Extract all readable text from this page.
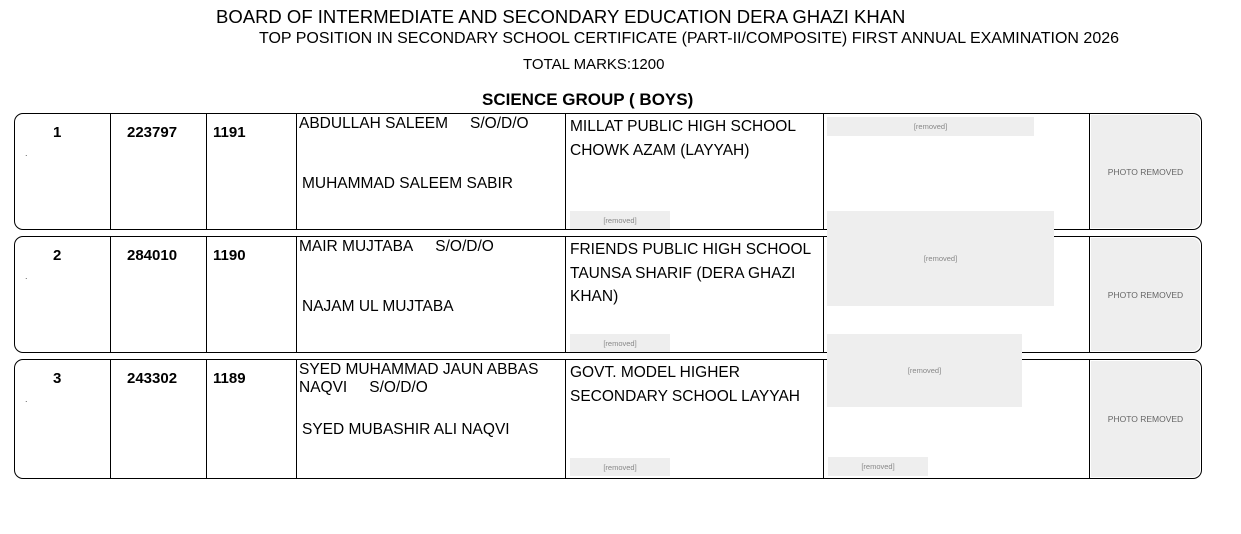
BOARD OF INTERMEDIATE AND SECONDARY EDUCATION DERA GHAZI KHAN
TOP POSITION IN SECONDARY SCHOOL CERTIFICATE (PART-II/COMPOSITE) FIRST ANNUAL EXAMINATION 2026
TOTAL MARKS:1200
SCIENCE GROUP ( BOYS)
1
.
223797 1191
ABDULLAH SALEEM S/O/D/O
MUHAMMAD SALEEM SABIR
MILLAT PUBLIC HIGH SCHOOL CHOWK AZAM (LAYYAH)
[removed]
[removed]
PHOTO REMOVED
2
.
284010 1190
MAIR MUJTABA S/O/D/O
NAJAM UL MUJTABA
FRIENDS PUBLIC HIGH SCHOOL TAUNSA SHARIF (DERA GHAZI KHAN)
[removed]
[removed]
PHOTO REMOVED
3
.
243302 1189
SYED MUHAMMAD JAUN ABBAS NAQVI S/O/D/O
SYED MUBASHIR ALI NAQVI
GOVT. MODEL HIGHER SECONDARY SCHOOL LAYYAH
[removed]
[removed]
[removed]
PHOTO REMOVED
